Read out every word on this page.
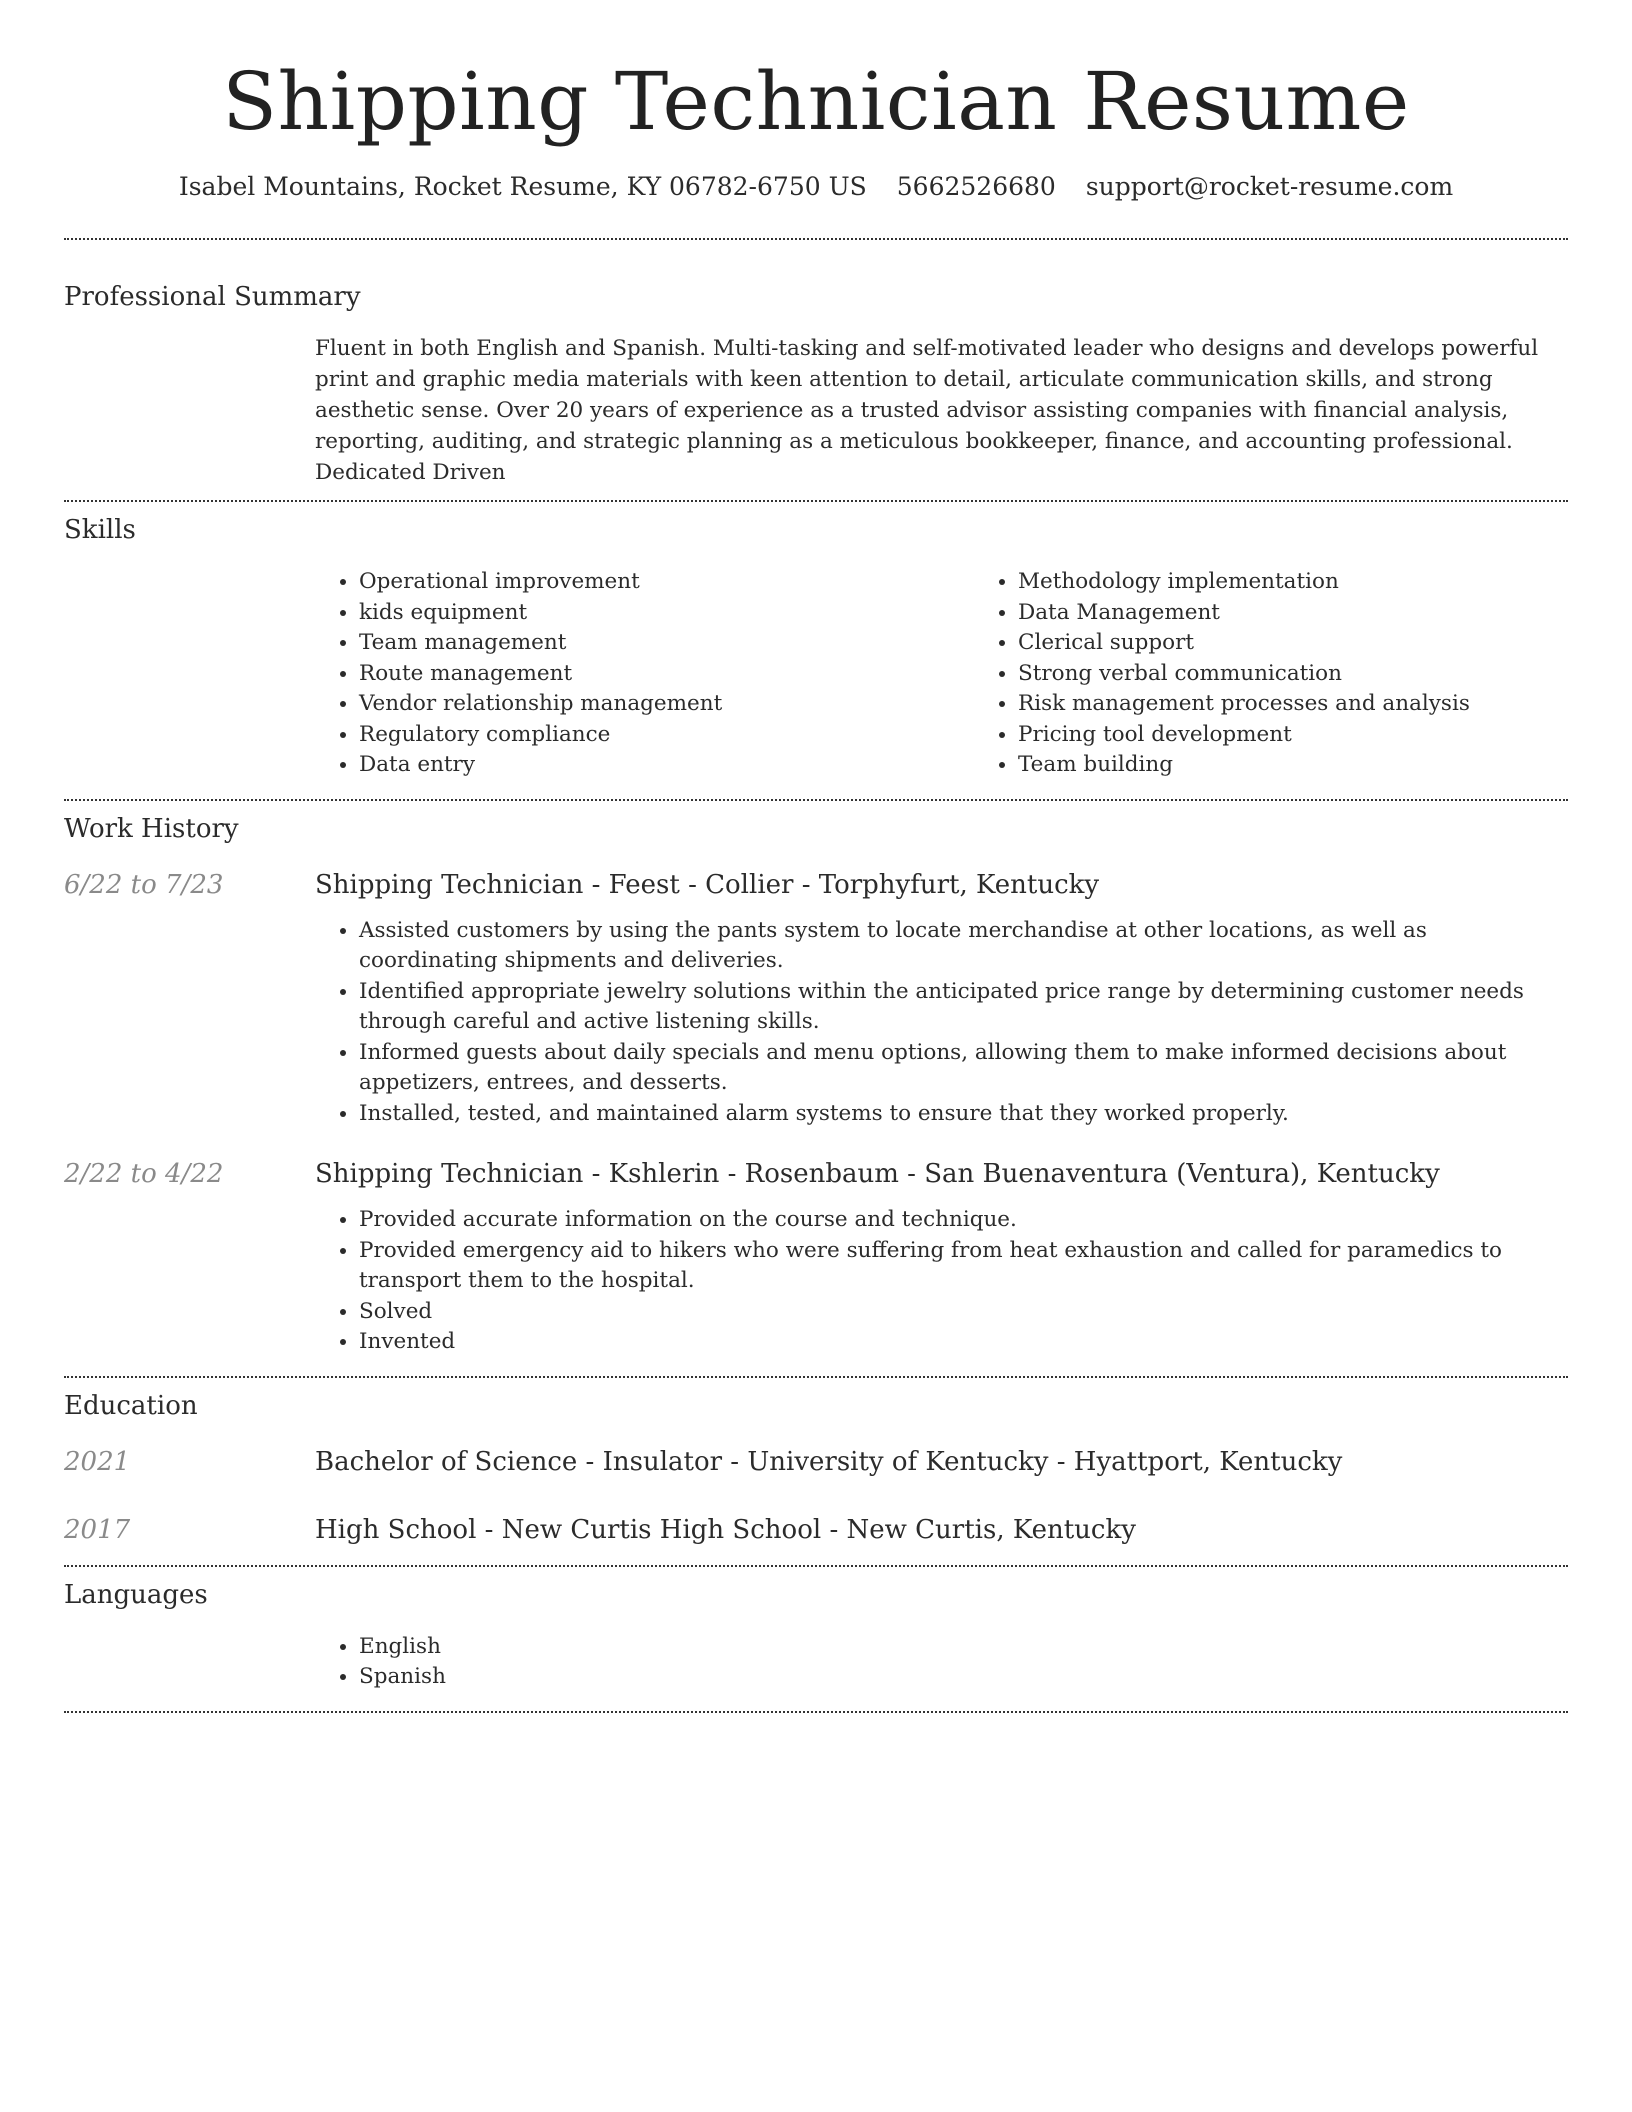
Shipping Technician Resume
Isabel Mountains, Rocket Resume, KY 06782-6750 US 5662526680 support@rocket-resume.com
Professional Summary

Fluent in both English and Spanish. Multi-tasking and self-motivated leader who designs and develops powerful print and graphic media materials with keen attention to detail, articulate communication skills, and strong aesthetic sense. Over 20 years of experience as a trusted advisor assisting companies with financial analysis, reporting, auditing, and strategic planning as a meticulous bookkeeper, finance, and accounting professional. Dedicated Driven

Skills
• Operational improvement
• kids equipment
• Team management
• Route management
• Vendor relationship management
• Regulatory compliance
• Data entry
• Methodology implementation
• Data Management
• Clerical support
• Strong verbal communication
• Risk management processes and analysis
• Pricing tool development
• Team building
Work History
6/22 to 7/23	Shipping Technician - Feest - Collier - Torphyfurt, Kentucky
• Assisted customers by using the pants system to locate merchandise at other locations, as well as coordinating shipments and deliveries.
• Identified appropriate jewelry solutions within the anticipated price range by determining customer needs through careful and active listening skills.
• Informed guests about daily specials and menu options, allowing them to make informed decisions about appetizers, entrees, and desserts.
• Installed, tested, and maintained alarm systems to ensure that they worked properly.
2/22 to 4/22	Shipping Technician - Kshlerin - Rosenbaum - San Buenaventura (Ventura), Kentucky
• Provided accurate information on the course and technique.
• Provided emergency aid to hikers who were suffering from heat exhaustion and called for paramedics to transport them to the hospital.
• Solved
• Invented
Education
2021	Bachelor of Science - Insulator - University of Kentucky - Hyattport, Kentucky
2017	High School - New Curtis High School - New Curtis, Kentucky
Languages
• English
• Spanish
